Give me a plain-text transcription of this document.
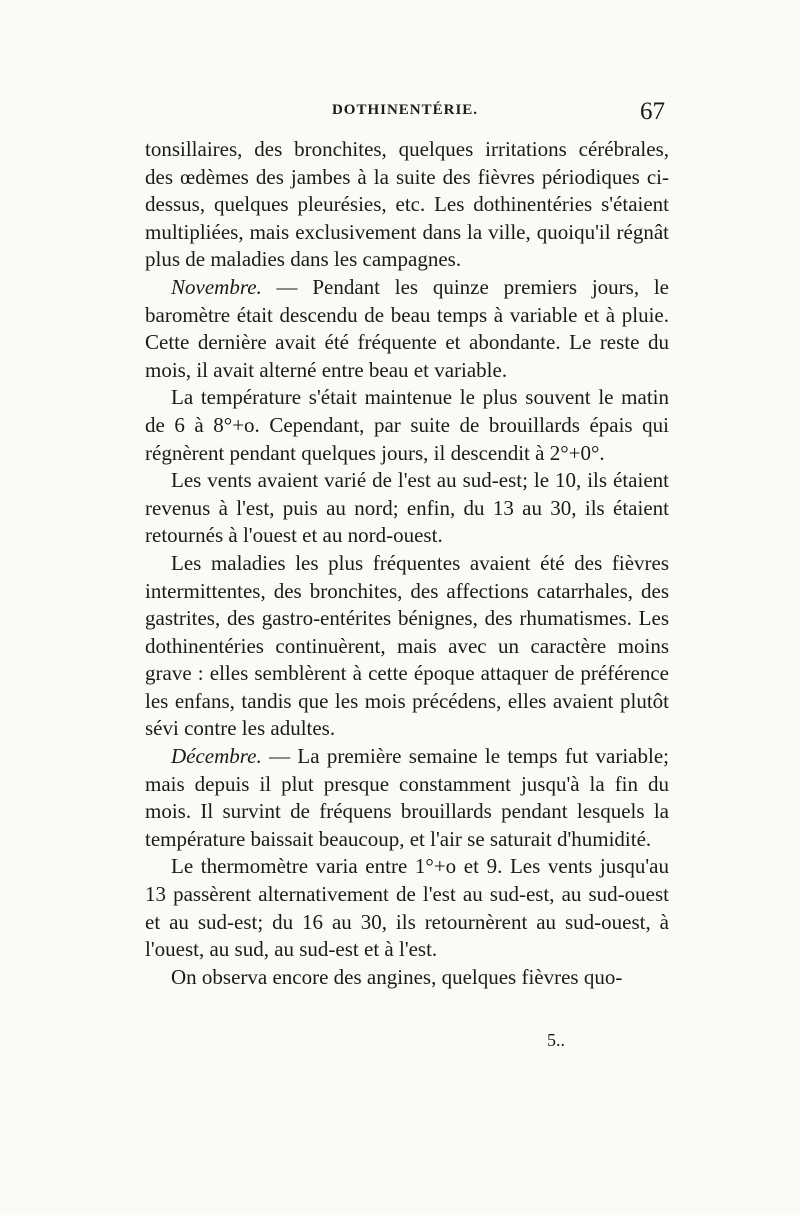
DOTHINENTÉRIE.	67

tonsillaires, des bronchites, quelques irritations cérébrales, des œdèmes des jambes à la suite des fièvres périodiques ci-dessus, quelques pleurésies, etc. Les dothinentéries s'étaient multipliées, mais exclusivement dans la ville, quoiqu'il régnât plus de maladies dans les campagnes.

Novembre. — Pendant les quinze premiers jours, le baromètre était descendu de beau temps à variable et à pluie. Cette dernière avait été fréquente et abondante. Le reste du mois, il avait alterné entre beau et variable.

La température s'était maintenue le plus souvent le matin de 6 à 8°+o. Cependant, par suite de brouillards épais qui régnèrent pendant quelques jours, il descendit à 2°+0°.

Les vents avaient varié de l'est au sud-est; le 10, ils étaient revenus à l'est, puis au nord; enfin, du 13 au 30, ils étaient retournés à l'ouest et au nord-ouest.

Les maladies les plus fréquentes avaient été des fièvres intermittentes, des bronchites, des affections catarrhales, des gastrites, des gastro-entérites bénignes, des rhumatismes. Les dothinentéries continuèrent, mais avec un caractère moins grave : elles semblèrent à cette époque attaquer de préférence les enfans, tandis que les mois précédens, elles avaient plutôt sévi contre les adultes.

Décembre. — La première semaine le temps fut variable; mais depuis il plut presque constamment jusqu'à la fin du mois. Il survint de fréquens brouillards pendant lesquels la température baissait beaucoup, et l'air se saturait d'humidité.

Le thermomètre varia entre 1°+o et 9. Les vents jusqu'au 13 passèrent alternativement de l'est au sud-est, au sud-ouest et au sud-est; du 16 au 30, ils retournèrent au sud-ouest, à l'ouest, au sud, au sud-est et à l'est.

On observa encore des angines, quelques fièvres quo-

5..
